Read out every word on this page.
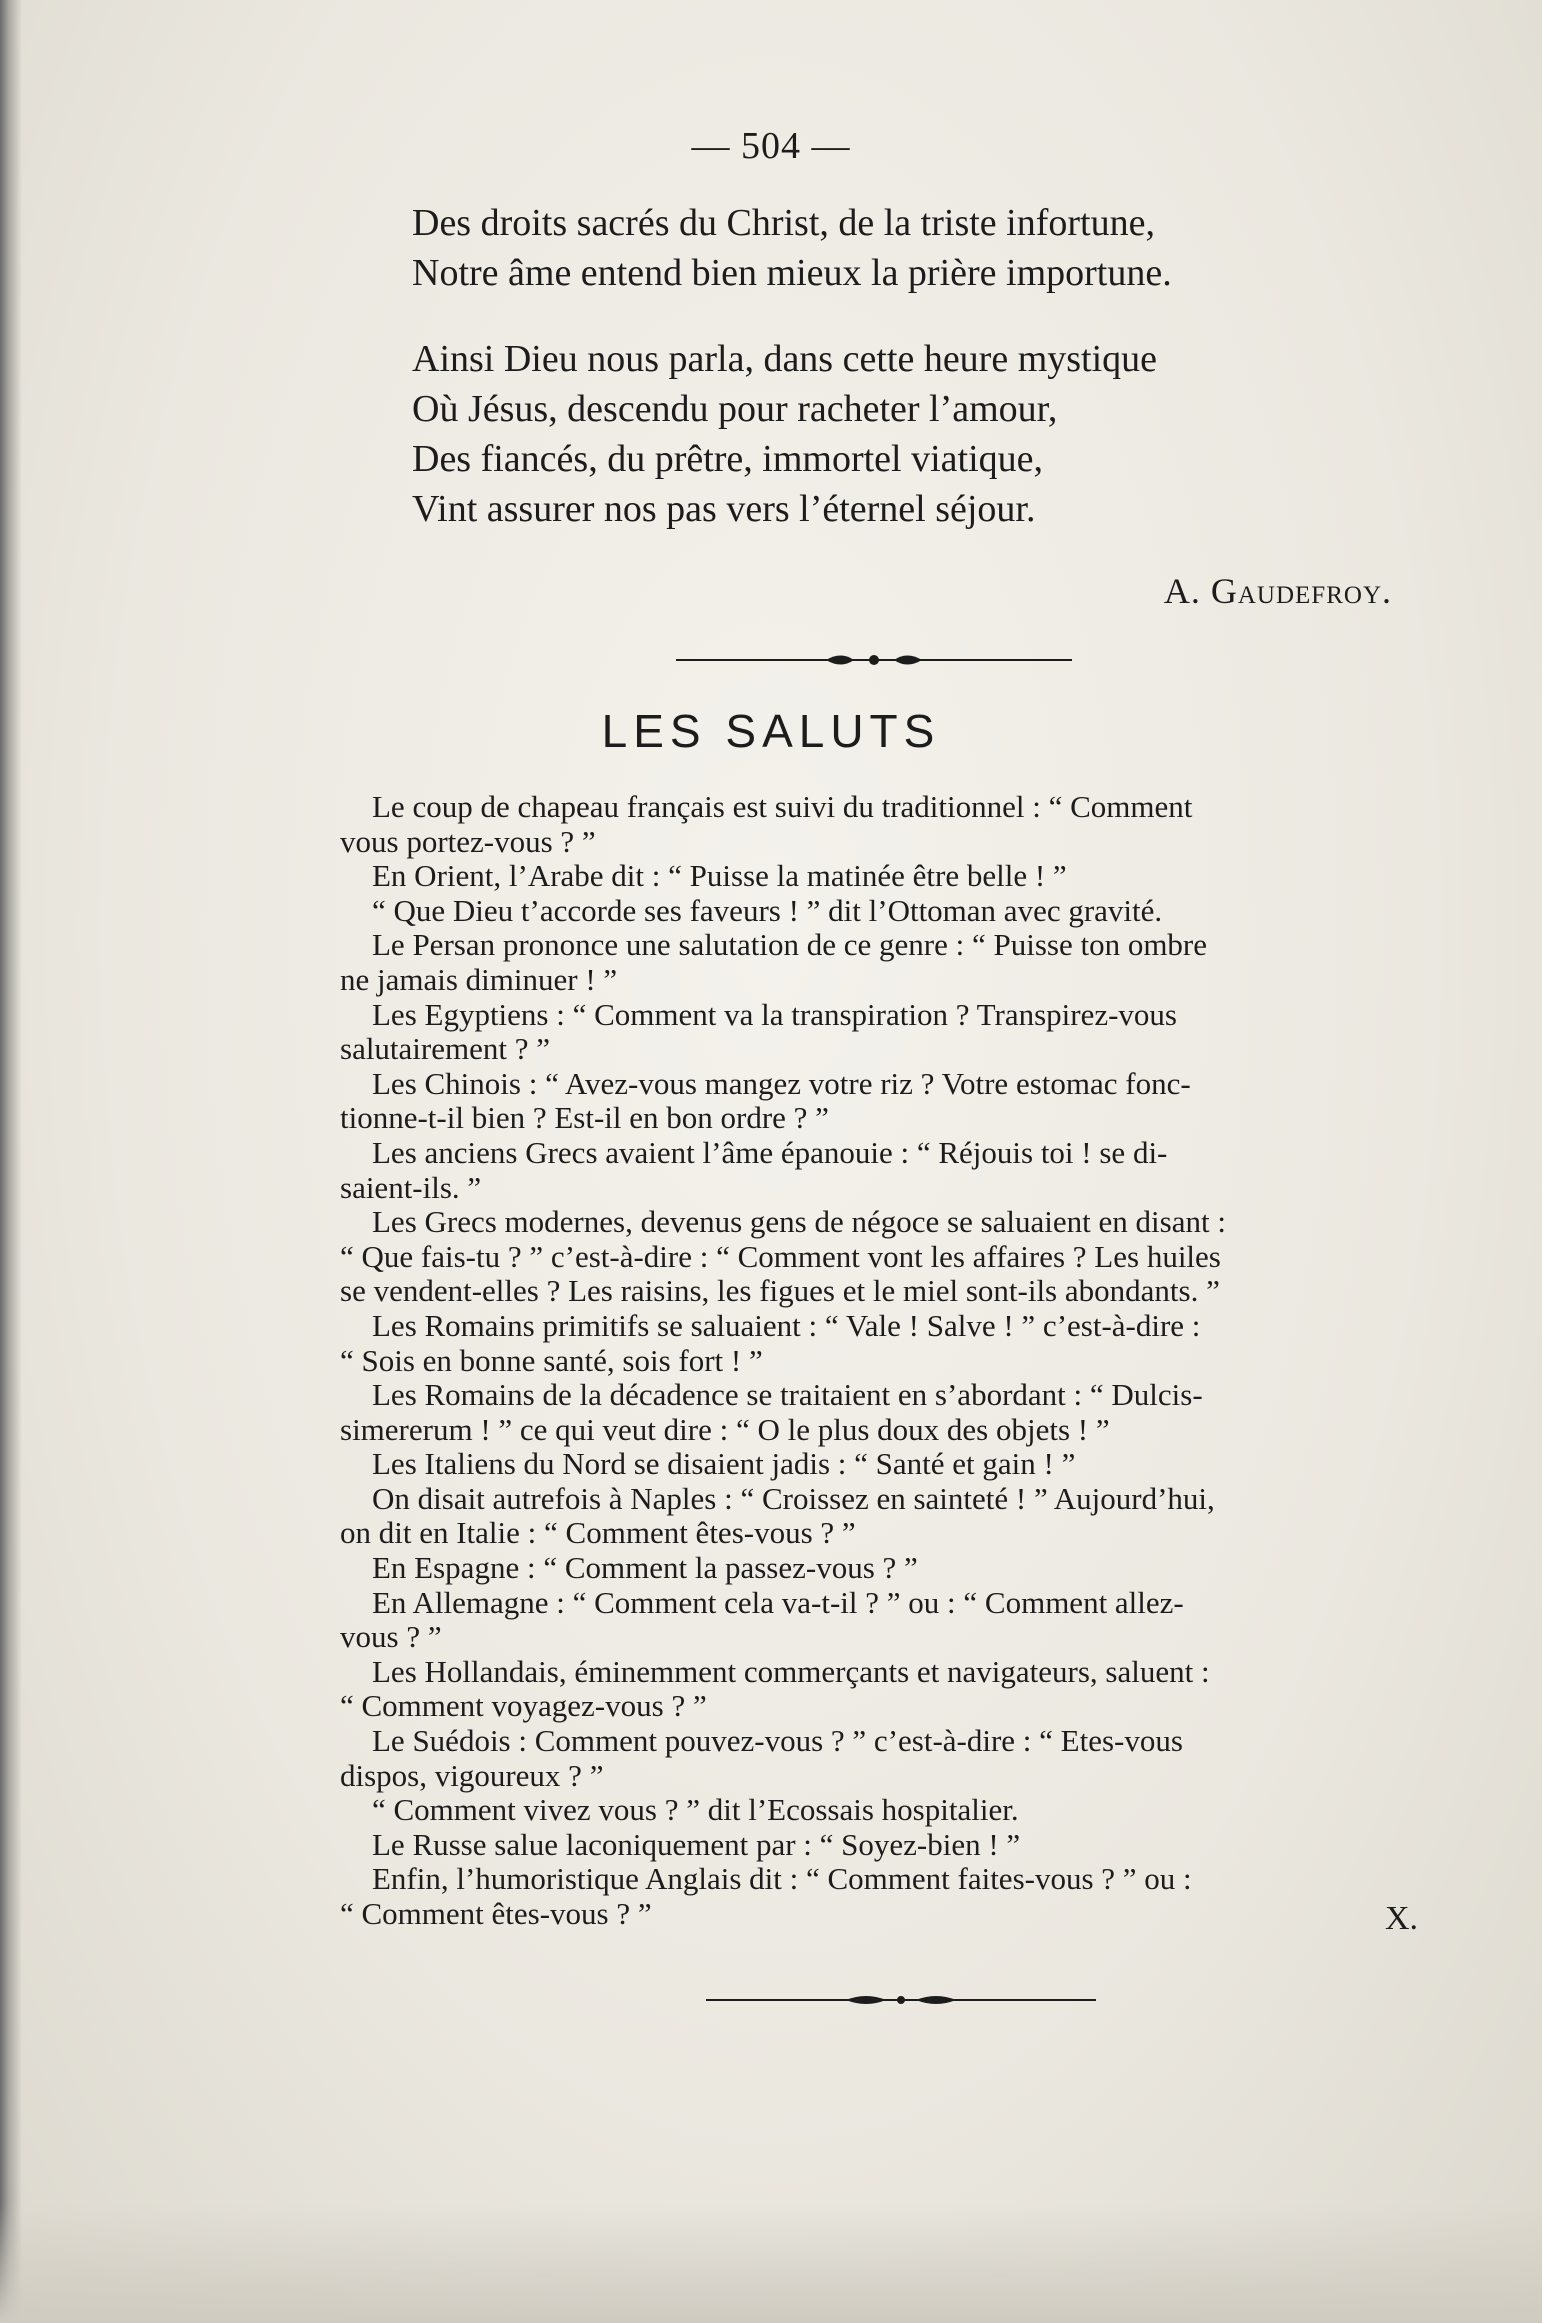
— 504 —
Des droits sacrés du Christ, de la triste infortune,
Notre âme entend bien mieux la prière importune.
Ainsi Dieu nous parla, dans cette heure mystique
Où Jésus, descendu pour racheter l’amour,
Des fiancés, du prêtre, immortel viatique,
Vint assurer nos pas vers l’éternel séjour.
A. Gaudefroy.
LES SALUTS
Le coup de chapeau français est suivi du traditionnel : “ Comment
vous portez-vous ? ”
En Orient, l’Arabe dit : “ Puisse la matinée être belle ! ”
“ Que Dieu t’accorde ses faveurs ! ” dit l’Ottoman avec gravité.
Le Persan prononce une salutation de ce genre : “ Puisse ton ombre
ne jamais diminuer ! ”
Les Egyptiens : “ Comment va la transpiration ? Transpirez-vous
salutairement ? ”
Les Chinois : “ Avez-vous mangez votre riz ? Votre estomac fonc-
tionne-t-il bien ? Est-il en bon ordre ? ”
Les anciens Grecs avaient l’âme épanouie : “ Réjouis toi ! se di-
saient-ils. ”
Les Grecs modernes, devenus gens de négoce se saluaient en disant :
“ Que fais-tu ? ” c’est-à-dire : “ Comment vont les affaires ? Les huiles
se vendent-elles ? Les raisins, les figues et le miel sont-ils abondants. ”
Les Romains primitifs se saluaient : “ Vale ! Salve ! ” c’est-à-dire :
“ Sois en bonne santé, sois fort ! ”
Les Romains de la décadence se traitaient en s’abordant : “ Dulcis-
simererum ! ” ce qui veut dire : “ O le plus doux des objets ! ”
Les Italiens du Nord se disaient jadis : “ Santé et gain ! ”
On disait autrefois à Naples : “ Croissez en sainteté ! ” Aujourd’hui,
on dit en Italie : “ Comment êtes-vous ? ”
En Espagne : “ Comment la passez-vous ? ”
En Allemagne : “ Comment cela va-t-il ? ” ou : “ Comment allez-
vous ? ”
Les Hollandais, éminemment commerçants et navigateurs, saluent :
“ Comment voyagez-vous ? ”
Le Suédois : Comment pouvez-vous ? ” c’est-à-dire : “ Etes-vous
dispos, vigoureux ? ”
“ Comment vivez vous ? ” dit l’Ecossais hospitalier.
Le Russe salue laconiquement par : “ Soyez-bien ! ”
Enfin, l’humoristique Anglais dit : “ Comment faites-vous ? ” ou :
“ Comment êtes-vous ? ”	X.
